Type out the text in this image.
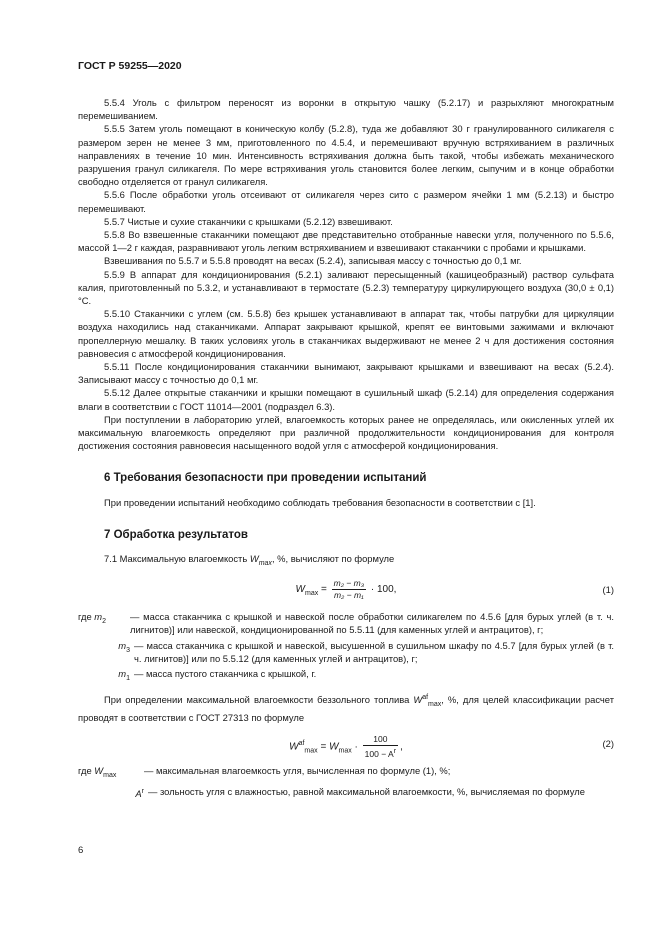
ГОСТ Р 59255—2020

5.5.4 Уголь с фильтром переносят из воронки в открытую чашку (5.2.17) и разрыхляют многократным перемешиванием.

5.5.5 Затем уголь помещают в коническую колбу (5.2.8), туда же добавляют 30 г гранулированного силикагеля с размером зерен не менее 3 мм, приготовленного по 4.5.4, и перемешивают вручную встряхиванием в различных направлениях в течение 10 мин. Интенсивность встряхивания должна быть такой, чтобы избежать механического разрушения гранул силикагеля. По мере встряхивания уголь становится более легким, сыпучим и в конце обработки свободно отделяется от гранул силикагеля.

5.5.6 После обработки уголь отсеивают от силикагеля через сито с размером ячейки 1 мм (5.2.13) и быстро перемешивают.

5.5.7 Чистые и сухие стаканчики с крышками (5.2.12) взвешивают.

5.5.8 Во взвешенные стаканчики помещают две представительно отобранные навески угля, полученного по 5.5.6, массой 1—2 г каждая, разравнивают уголь легким встряхиванием и взвешивают стаканчики с пробами и крышками.

Взвешивания по 5.5.7 и 5.5.8 проводят на весах (5.2.4), записывая массу с точностью до 0,1 мг.

5.5.9 В аппарат для кондиционирования (5.2.1) заливают пересыщенный (кашицеобразный) раствор сульфата калия, приготовленный по 5.3.2, и устанавливают в термостате (5.2.3) температуру циркулирующего воздуха (30,0 ± 0,1) °С.

5.5.10 Стаканчики с углем (см. 5.5.8) без крышек устанавливают в аппарат так, чтобы патрубки для циркуляции воздуха находились над стаканчиками. Аппарат закрывают крышкой, крепят ее винтовыми зажимами и включают пропеллерную мешалку. В таких условиях уголь в стаканчиках выдерживают не менее 2 ч для достижения состояния равновесия с атмосферой кондиционирования.

5.5.11 После кондиционирования стаканчики вынимают, закрывают крышками и взвешивают на весах (5.2.4). Записывают массу с точностью до 0,1 мг.

5.5.12 Далее открытые стаканчики и крышки помещают в сушильный шкаф (5.2.14) для определения содержания влаги в соответствии с ГОСТ 11014—2001 (подраздел 6.3).

При поступлении в лабораторию углей, влагоемкость которых ранее не определялась, или окисленных углей их максимальную влагоемкость определяют при различной продолжительности кондиционирования для контроля достижения состояния равновесия насыщенного водой угля с атмосферой кондиционирования.

6 Требования безопасности при проведении испытаний

При проведении испытаний необходимо соблюдать требования безопасности в соответствии с [1].

7 Обработка результатов

7.1 Максимальную влагоемкость $W_{max}$, %, вычисляют по формуле

$W_{max} = \frac{\text{m₂ − m₃}}{\text{m₂ − m₁}} \cdot 100$,	(1)
где $m_2$	— масса стаканчика с крышкой и навеской после обработки силикагелем по 4.5.6 [для бурых углей (в т. ч. лигнитов)] или навеской, кондиционированной по 5.5.11 (для каменных углей и антрацитов), г;
$m_3$ — масса стаканчика с крышкой и навеской, высушенной в сушильном шкафу по 4.5.7 [для бурых углей (в т. ч. лигнитов)] или по 5.5.12 (для каменных углей и антрацитов), г;
$m_1$ — масса пустого стаканчика с крышкой, г.

При определении максимальной влагоемкости беззольного топлива $W^{af}_{max}$, %, для целей классификации расчет проводят в соответствии с ГОСТ 27313 по формуле

$W^{af}_{max} = W_{max} \cdot \frac{100}{100 - A^r}$ ,	(2)
где $W_{max}$	— максимальная влагоемкость угля, вычисленная по формуле (1), %;
$A^r$ — зольность угля с влажностью, равной максимальной влагоемкости, %, вычисляемая по формуле
6
